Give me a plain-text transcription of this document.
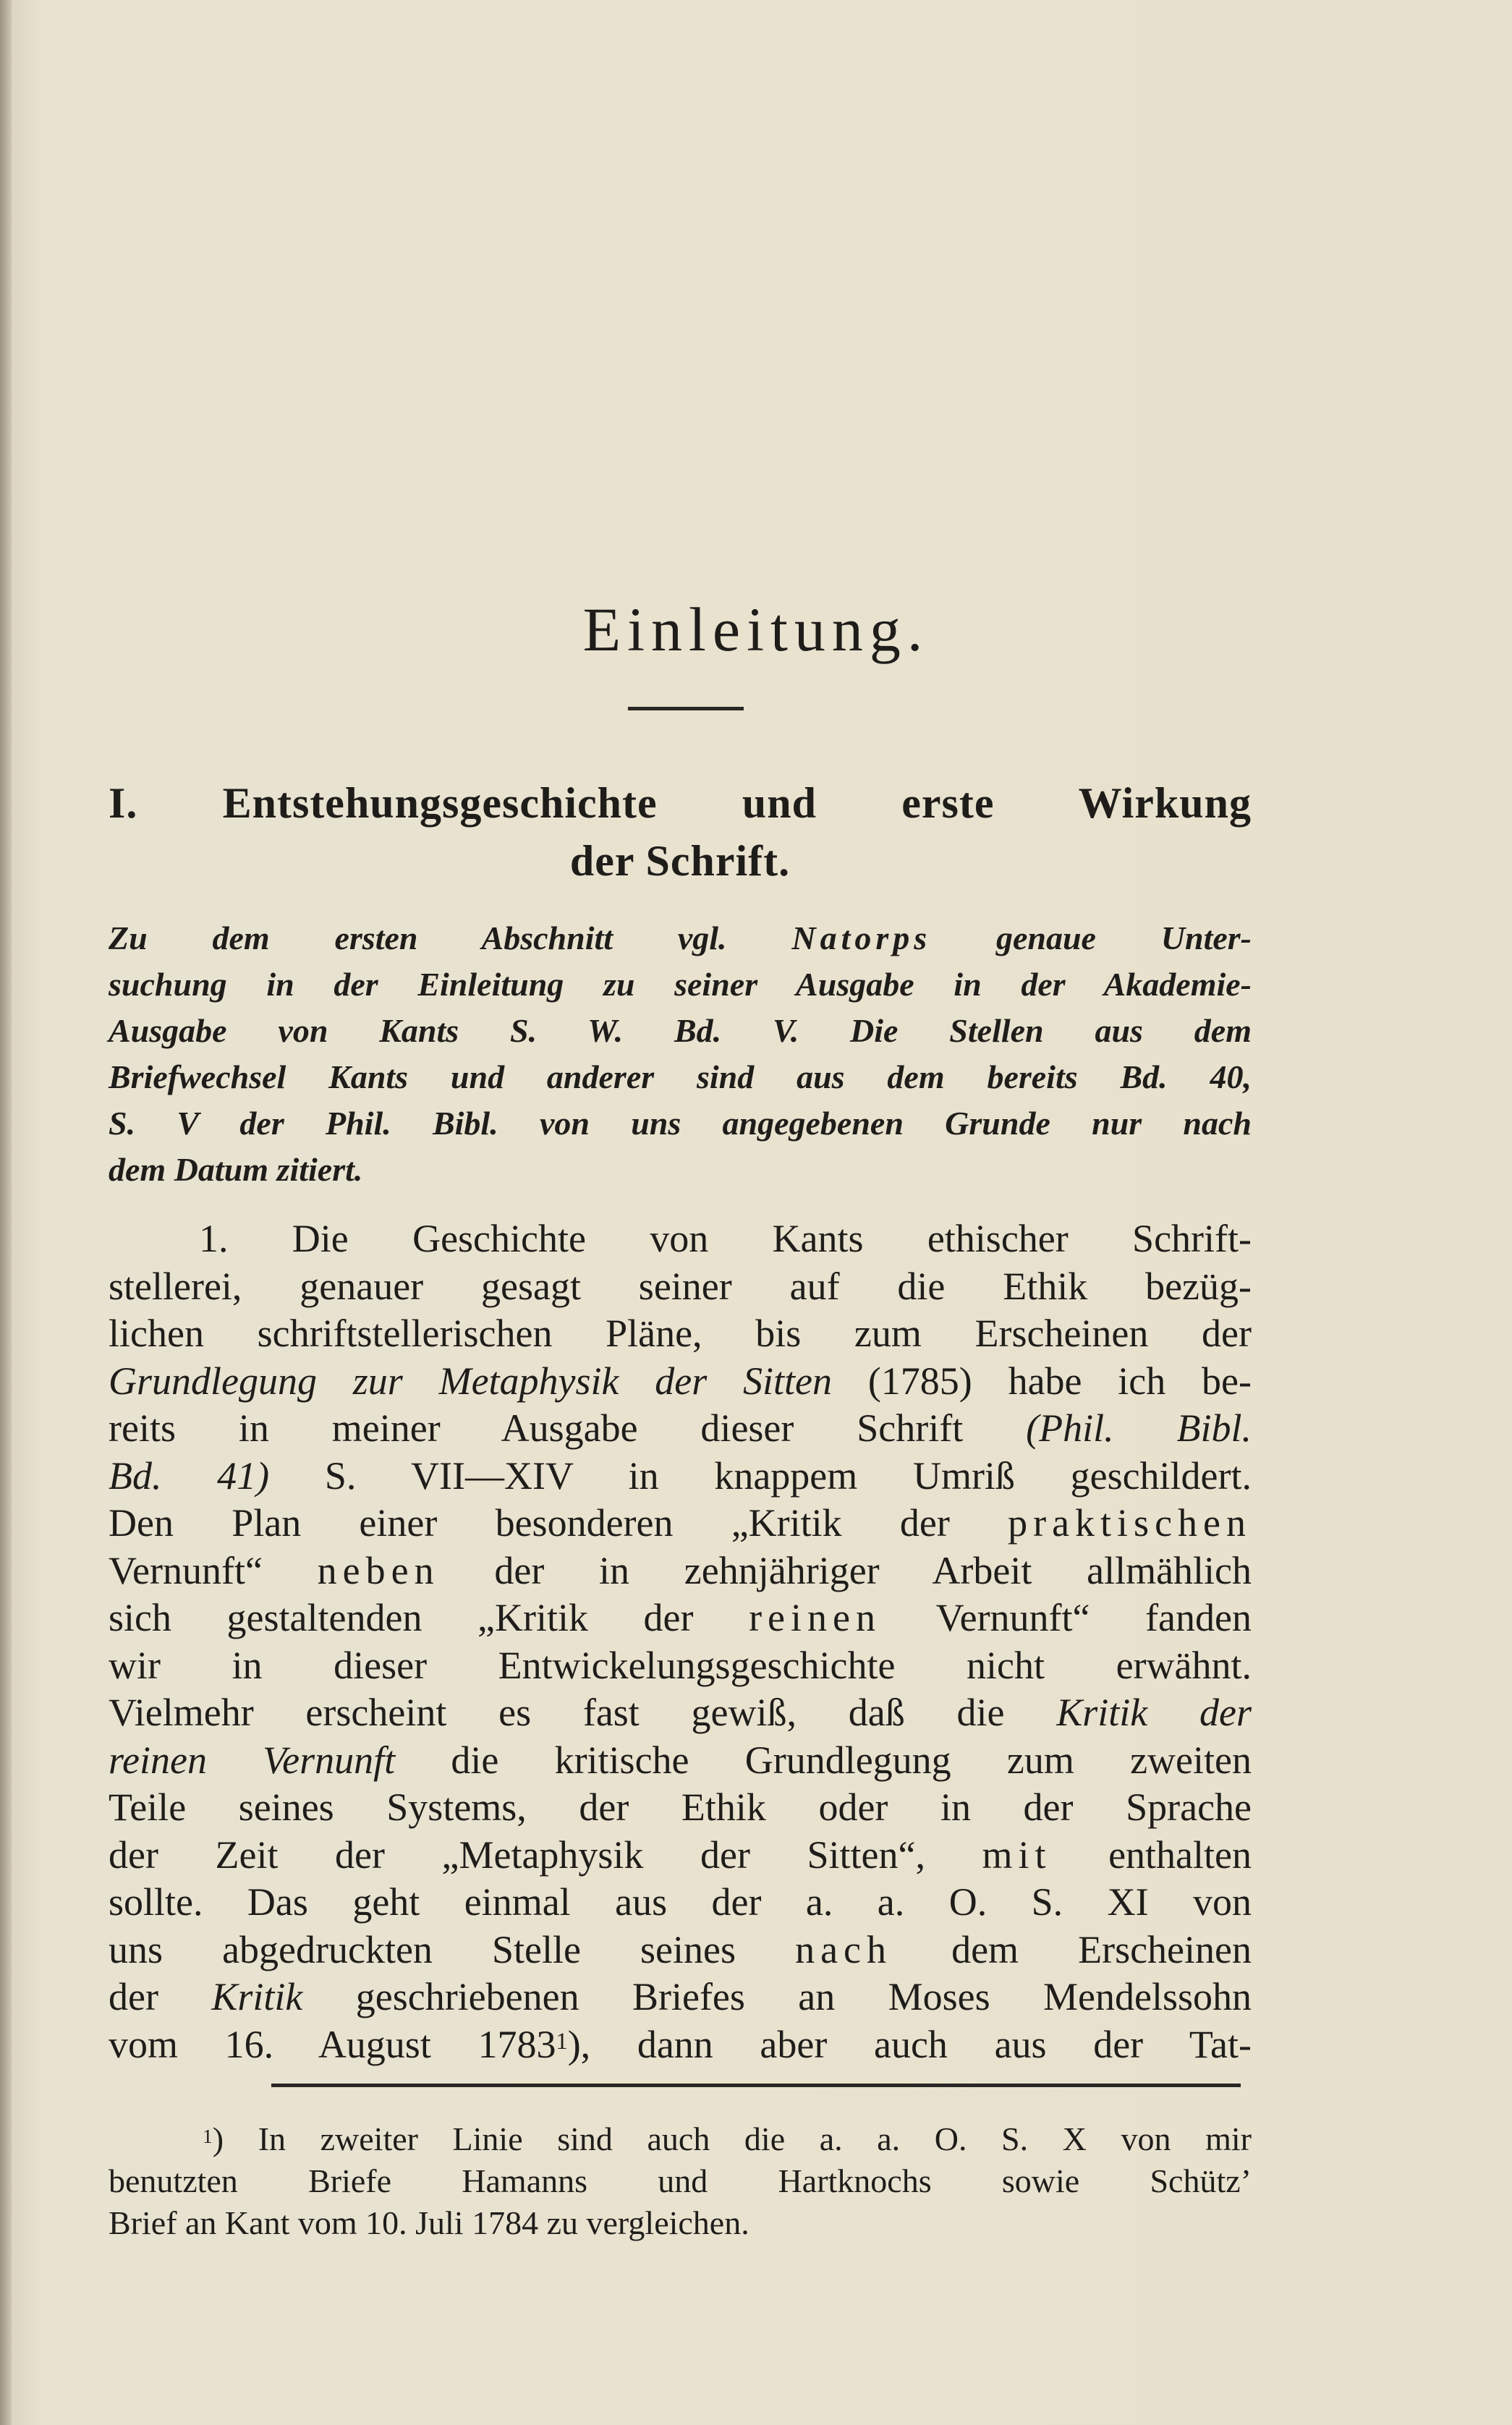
Einleitung.
I. Entstehungsgeschichte und erste Wirkung
der Schrift.
Zu dem ersten Abschnitt vgl. Natorps genaue Unter-
suchung in der Einleitung zu seiner Ausgabe in der Akademie-
Ausgabe von Kants S. W. Bd. V. Die Stellen aus dem
Briefwechsel Kants und anderer sind aus dem bereits Bd. 40,
S. V der Phil. Bibl. von uns angegebenen Grunde nur nach
dem Datum zitiert.
1. Die Geschichte von Kants ethischer Schrift-
stellerei, genauer gesagt seiner auf die Ethik bezüg-
lichen schriftstellerischen Pläne, bis zum Erscheinen der
Grundlegung zur Metaphysik der Sitten (1785) habe ich be-
reits in meiner Ausgabe dieser Schrift (Phil. Bibl.
Bd. 41) S. VII—XIV in knappem Umriß geschildert.
Den Plan einer besonderen „Kritik der praktischen
Vernunft“ neben der in zehnjähriger Arbeit allmählich
sich gestaltenden „Kritik der reinen Vernunft“ fanden
wir in dieser Entwickelungsgeschichte nicht erwähnt.
Vielmehr erscheint es fast gewiß, daß die Kritik der
reinen Vernunft die kritische Grundlegung zum zweiten
Teile seines Systems, der Ethik oder in der Sprache
der Zeit der „Metaphysik der Sitten“, mit enthalten
sollte. Das geht einmal aus der a. a. O. S. XI von
uns abgedruckten Stelle seines nach dem Erscheinen
der Kritik geschriebenen Briefes an Moses Mendelssohn
vom 16. August 1783$^1$), dann aber auch aus der Tat-
$^1$) In zweiter Linie sind auch die a. a. O. S. X von mir
benutzten Briefe Hamanns und Hartknochs sowie Schütz’
Brief an Kant vom 10. Juli 1784 zu vergleichen.
